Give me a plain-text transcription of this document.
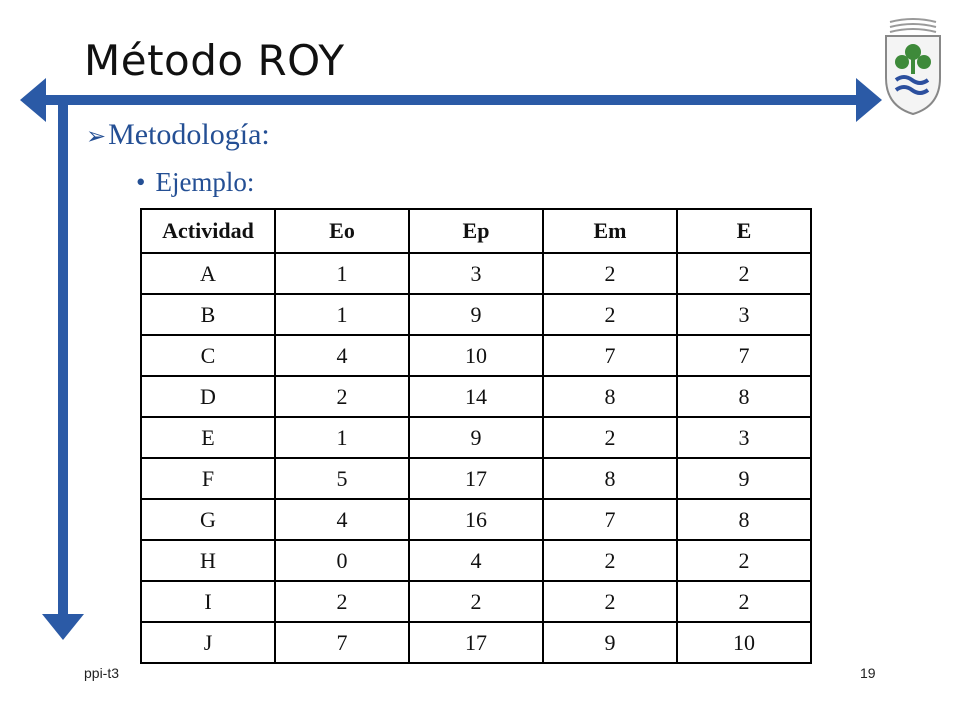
Método ROY
➢Metodología:
• Ejemplo:
Actividad	Eo	Ep	Em	E
A	1	3	2	2
B	1	9	2	3
C	4	10	7	7
D	2	14	8	8
E	1	9	2	3
F	5	17	8	9
G	4	16	7	8
H	0	4	2	2
I	2	2	2	2
J	7	17	9	10
ppi-t3	19
